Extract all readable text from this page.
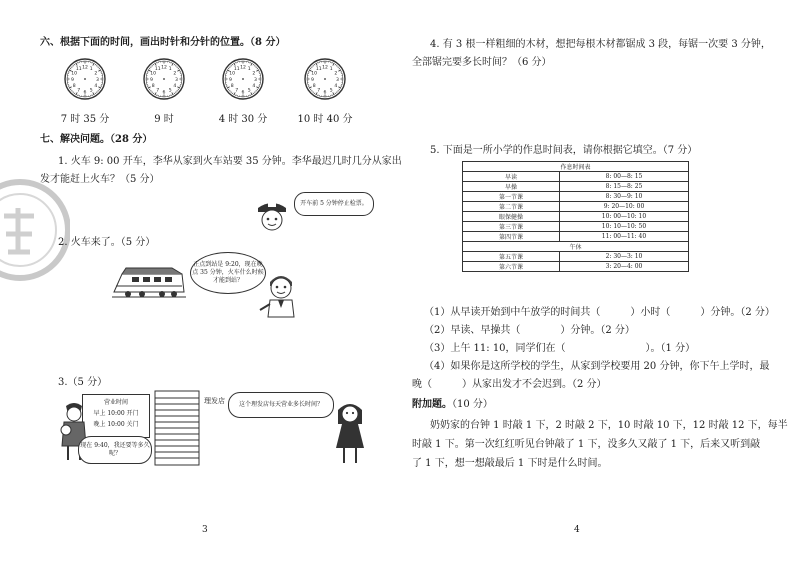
六、根据下面的时间，画出时针和分针的位置。（8 分）
1
2
3
4
5
6
7
8
9
10
11 12	1
2
3
4
5
6
7
8
9
10
11 12	1
2
3
4
5
6
7
8
9
10
11 12	1
2
3
4
5
6
7
8
9
10
11 12
7 时 35 分	9 时	4 时 30 分	10 时 40 分
七、解决问题。（28 分）
1. 火车 9: 00 开车，李华从家到火车站要 35 分钟。李华最迟几时几分从家出
发才能赶上火车？（5 分）
开车前 5 分钟停止检票。
2. 火车来了。（5 分）
正点到站是 9:20，现在晚点 35 分钟，火车什么时候才能到站？
3.（5 分）
营业时间
早上 10:00 开门
晚上 10:00 关门
理发店
现在 9:40，我还要等多久呢？
这个理发店每天营业多长时间？
3
4. 有 3 根一样粗细的木材，想把每根木材都锯成 3 段，每锯一次要 3 分钟，
全部锯完要多长时间？（6 分）
5. 下面是一所小学的作息时间表，请你根据它填空。（7 分）
作息时间表	
早读	8: 00—8: 15
早操	8: 15—8: 25
第一节课	8: 30—9: 10
第二节课	9: 20—10: 00
眼保健操	10: 00—10: 10
第三节课	10: 10—10: 50
第四节课	11: 00—11: 40
午休	
第五节课	2: 30—3: 10
第六节课	3: 20—4: 00
（1）从早读开始到中午放学的时间共（　　　）小时（　　　）分钟。（2 分）
（2）早读、早操共（　　　　）分钟。（2 分）
（3）上午 11: 10，同学们在（　　　　　　　　）。（1 分）
（4）如果你是这所学校的学生，从家到学校要用 20 分钟，你下午上学时，最
晚（　　　）从家出发才不会迟到。（2 分）
附加题。（10 分）
奶奶家的台钟 1 时敲 1 下，2 时敲 2 下，10 时敲 10 下，12 时敲 12 下，每半
时敲 1 下。第一次红红听见台钟敲了 1 下，没多久又敲了 1 下，后来又听到敲
了 1 下，想一想敲最后 1 下时是什么时间。
4
